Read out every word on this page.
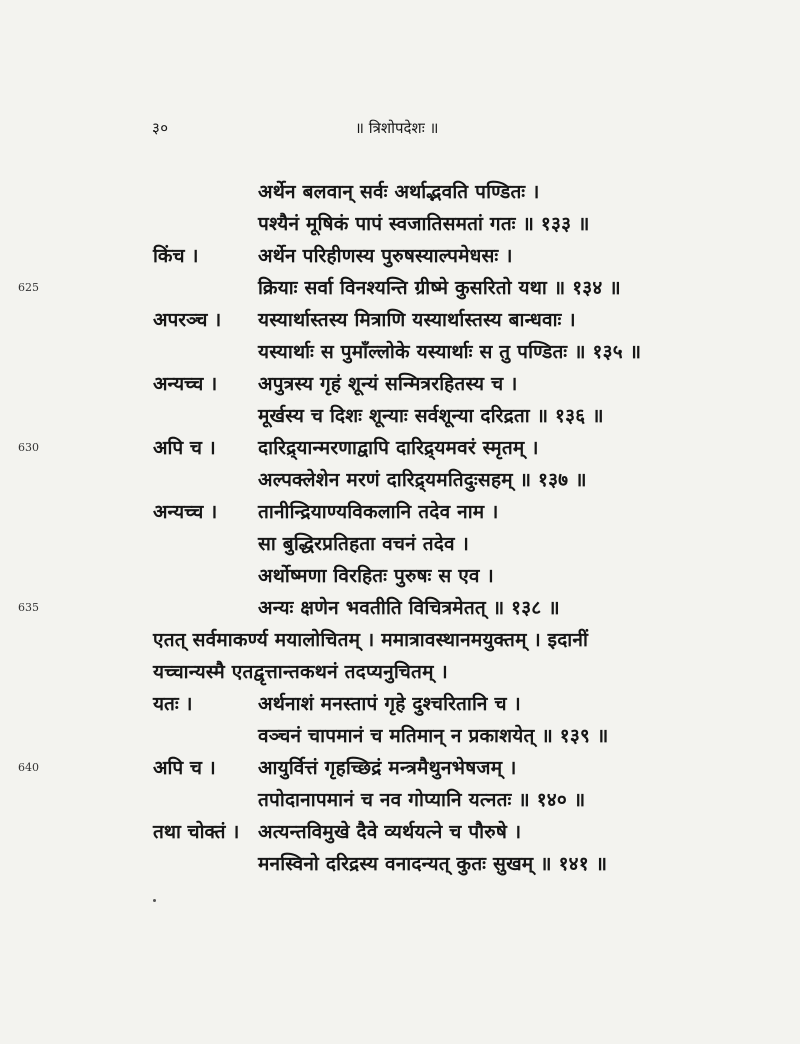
३०	॥ त्रिशोपदेशः ॥
अर्थेन बलवान् सर्वः अर्थाद्भवति पण्डितः ।
पश्यैनं मूषिकं पापं स्वजातिसमतां गतः ॥ १३३ ॥
किंच ।	अर्थेन परिहीणस्य पुरुषस्याल्पमेधसः ।
625	क्रियाः सर्वा विनश्यन्ति ग्रीष्मे कुसरितो यथा ॥ १३४ ॥
अपरञ्च । यस्यार्थास्तस्य मित्राणि यस्यार्थास्तस्य बान्धवाः ।
यस्यार्थाः स पुमाँल्लोके यस्यार्थाः स तु पण्डितः ॥ १३५ ॥
अन्यच्च । अपुत्रस्य गृहं शून्यं सन्मित्ररहितस्य च ।
मूर्खस्य च दिशः शून्याः सर्वशून्या दरिद्रता ॥ १३६ ॥
630	अपि च । दारिद्र्यान्मरणाद्वापि दारिद्र्यमवरं स्मृतम् ।
अल्पक्लेशेन मरणं दारिद्र्यमतिदुःसहम् ॥ १३७ ॥
अन्यच्च । तानीन्द्रियाण्यविकलानि तदेव नाम ।
सा बुद्धिरप्रतिहता वचनं तदेव ।
अर्थोष्मणा विरहितः पुरुषः स एव ।
635	अन्यः क्षणेन भवतीति विचित्रमेतत् ॥ १३८ ॥
एतत् सर्वमाकर्ण्य मयालोचितम् । ममात्रावस्थानमयुक्तम् । इदानीं
यच्चान्यस्मै एतद्वृत्तान्तकथनं तदप्यनुचितम् ।
यतः ।	अर्थनाशं मनस्तापं गृहे दुश्चरितानि च ।
वञ्चनं चापमानं च मतिमान् न प्रकाशयेत् ॥ १३९ ॥
640	अपि च । आयुर्वित्तं गृहच्छिद्रं मन्त्रमैथुनभेषजम् ।
तपोदानापमानं च नव गोप्यानि यत्नतः ॥ १४० ॥
तथा चोक्तं । अत्यन्तविमुखे दैवे व्यर्थयत्ने च पौरुषे ।
मनस्विनो दरिद्रस्य वनादन्यत् कुतः सुखम् ॥ १४१ ॥
